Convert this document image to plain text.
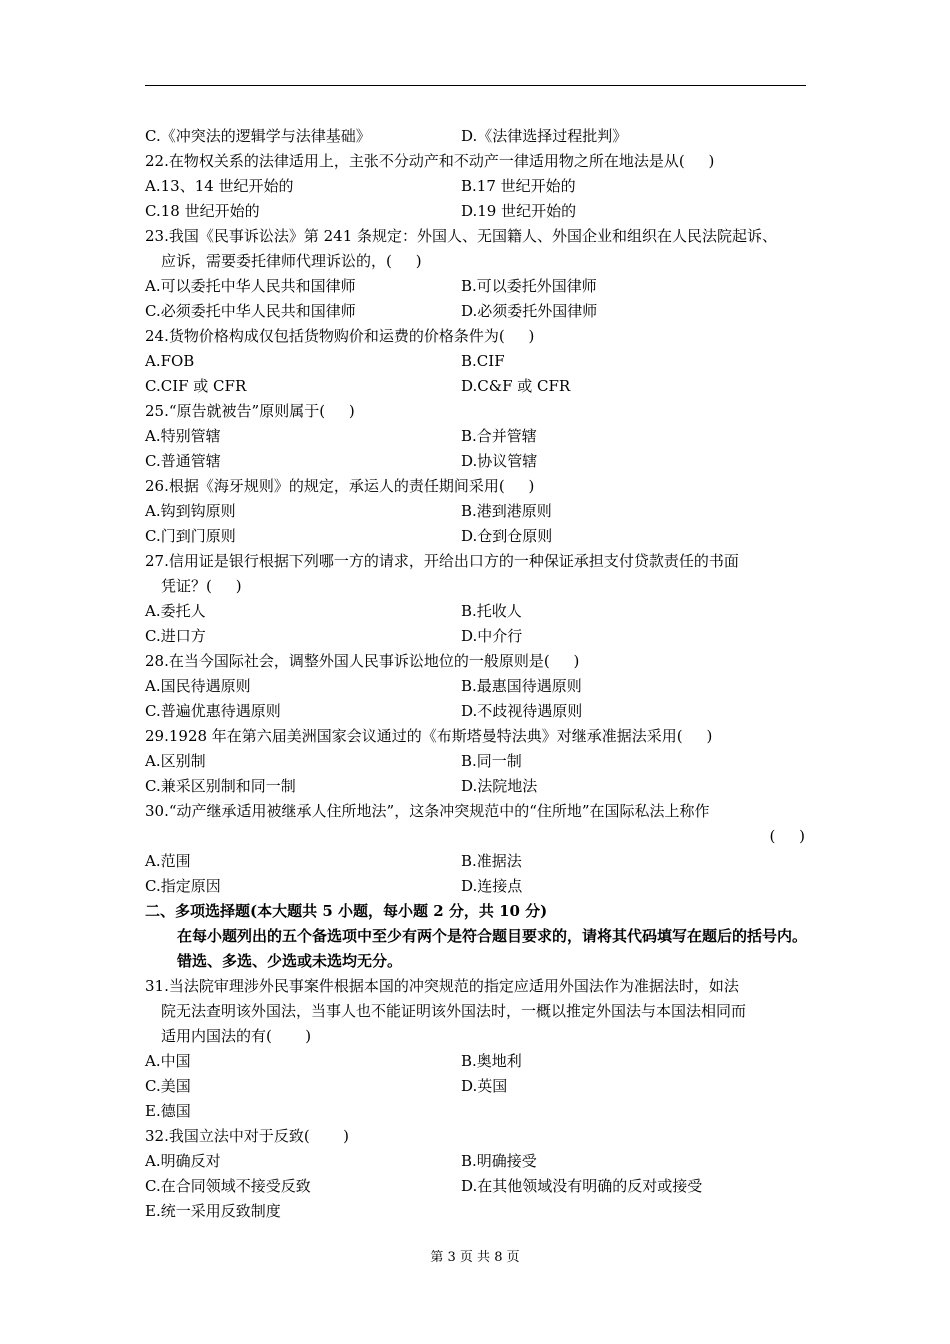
C.《冲突法的逻辑学与法律基础》	D.《法律选择过程批判》
22.在物权关系的法律适用上，主张不分动产和不动产一律适用物之所在地法是从(     )
A.13、14 世纪开始的	B.17 世纪开始的
C.18 世纪开始的	D.19 世纪开始的
23.我国《民事诉讼法》第 241 条规定：外国人、无国籍人、外国企业和组织在人民法院起诉、
应诉，需要委托律师代理诉讼的，(     )
A.可以委托中华人民共和国律师	B.可以委托外国律师
C.必须委托中华人民共和国律师	D.必须委托外国律师
24.货物价格构成仅包括货物购价和运费的价格条件为(     )
A.FOB	B.CIF
C.CIF 或 CFR	D.C&F 或 CFR
25.“原告就被告”原则属于(     )
A.特别管辖	B.合并管辖
C.普通管辖	D.协议管辖
26.根据《海牙规则》的规定，承运人的责任期间采用(     )
A.钩到钩原则	B.港到港原则
C.门到门原则	D.仓到仓原则
27.信用证是银行根据下列哪一方的请求，开给出口方的一种保证承担支付贷款责任的书面
凭证？(     )
A.委托人	B.托收人
C.进口方	D.中介行
28.在当今国际社会，调整外国人民事诉讼地位的一般原则是(     )
A.国民待遇原则	B.最惠国待遇原则
C.普遍优惠待遇原则	D.不歧视待遇原则
29.1928 年在第六届美洲国家会议通过的《布斯塔曼特法典》对继承准据法采用(     )
A.区别制	B.同一制
C.兼采区别制和同一制	D.法院地法
30.“动产继承适用被继承人住所地法”，这条冲突规范中的“住所地”在国际私法上称作
(     )
A.范围	B.准据法
C.指定原因	D.连接点
二、多项选择题(本大题共 5 小题，每小题 2 分，共 10 分)
在每小题列出的五个备选项中至少有两个是符合题目要求的，请将其代码填写在题后的括号内。错选、多选、少选或未选均无分。
31.当法院审理涉外民事案件根据本国的冲突规范的指定应适用外国法作为准据法时，如法
院无法查明该外国法，当事人也不能证明该外国法时，一概以推定外国法与本国法相同而
适用内国法的有(       )
A.中国	B.奥地利
C.美国	D.英国
E.德国
32.我国立法中对于反致(       )
A.明确反对	B.明确接受
C.在合同领域不接受反致	D.在其他领域没有明确的反对或接受
E.统一采用反致制度
第 3 页 共 8 页
